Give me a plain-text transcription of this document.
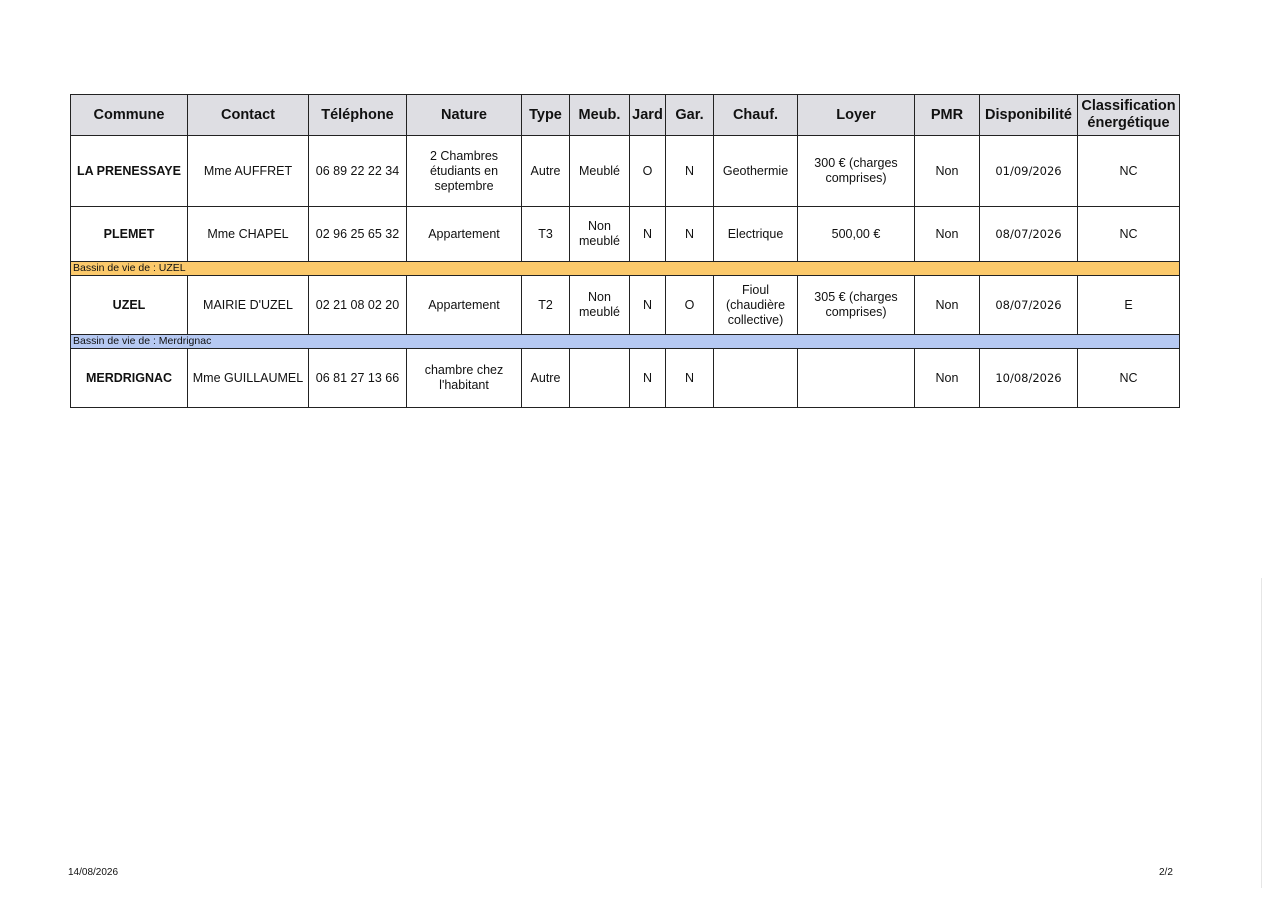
Commune	Contact	Téléphone	Nature	Type	Meub.	Jard	Gar.	Chauf.	Loyer	PMR	Disponibilité	Classification énergétique
LA PRENESSAYE	Mme AUFFRET	06 89 22 22 34	2 Chambres étudiants en septembre	Autre	Meublé	O	N	Geothermie	300 € (charges comprises)	Non	01/09/2026	NC
PLEMET	Mme CHAPEL	02 96 25 65 32	Appartement	T3	Non meublé	N	N	Electrique	500,00 €	Non	08/07/2026	NC
Bassin de vie de : UZEL												
UZEL	MAIRIE D'UZEL	02 21 08 02 20	Appartement	T2	Non meublé	N	O	Fioul (chaudière collective)	305 € (charges comprises)	Non	08/07/2026	E
Bassin de vie de : Merdrignac												
MERDRIGNAC	Mme GUILLAUMEL	06 81 27 13 66	chambre chez l'habitant	Autre		N	N			Non	10/08/2026	NC
14/08/2026	2/2
